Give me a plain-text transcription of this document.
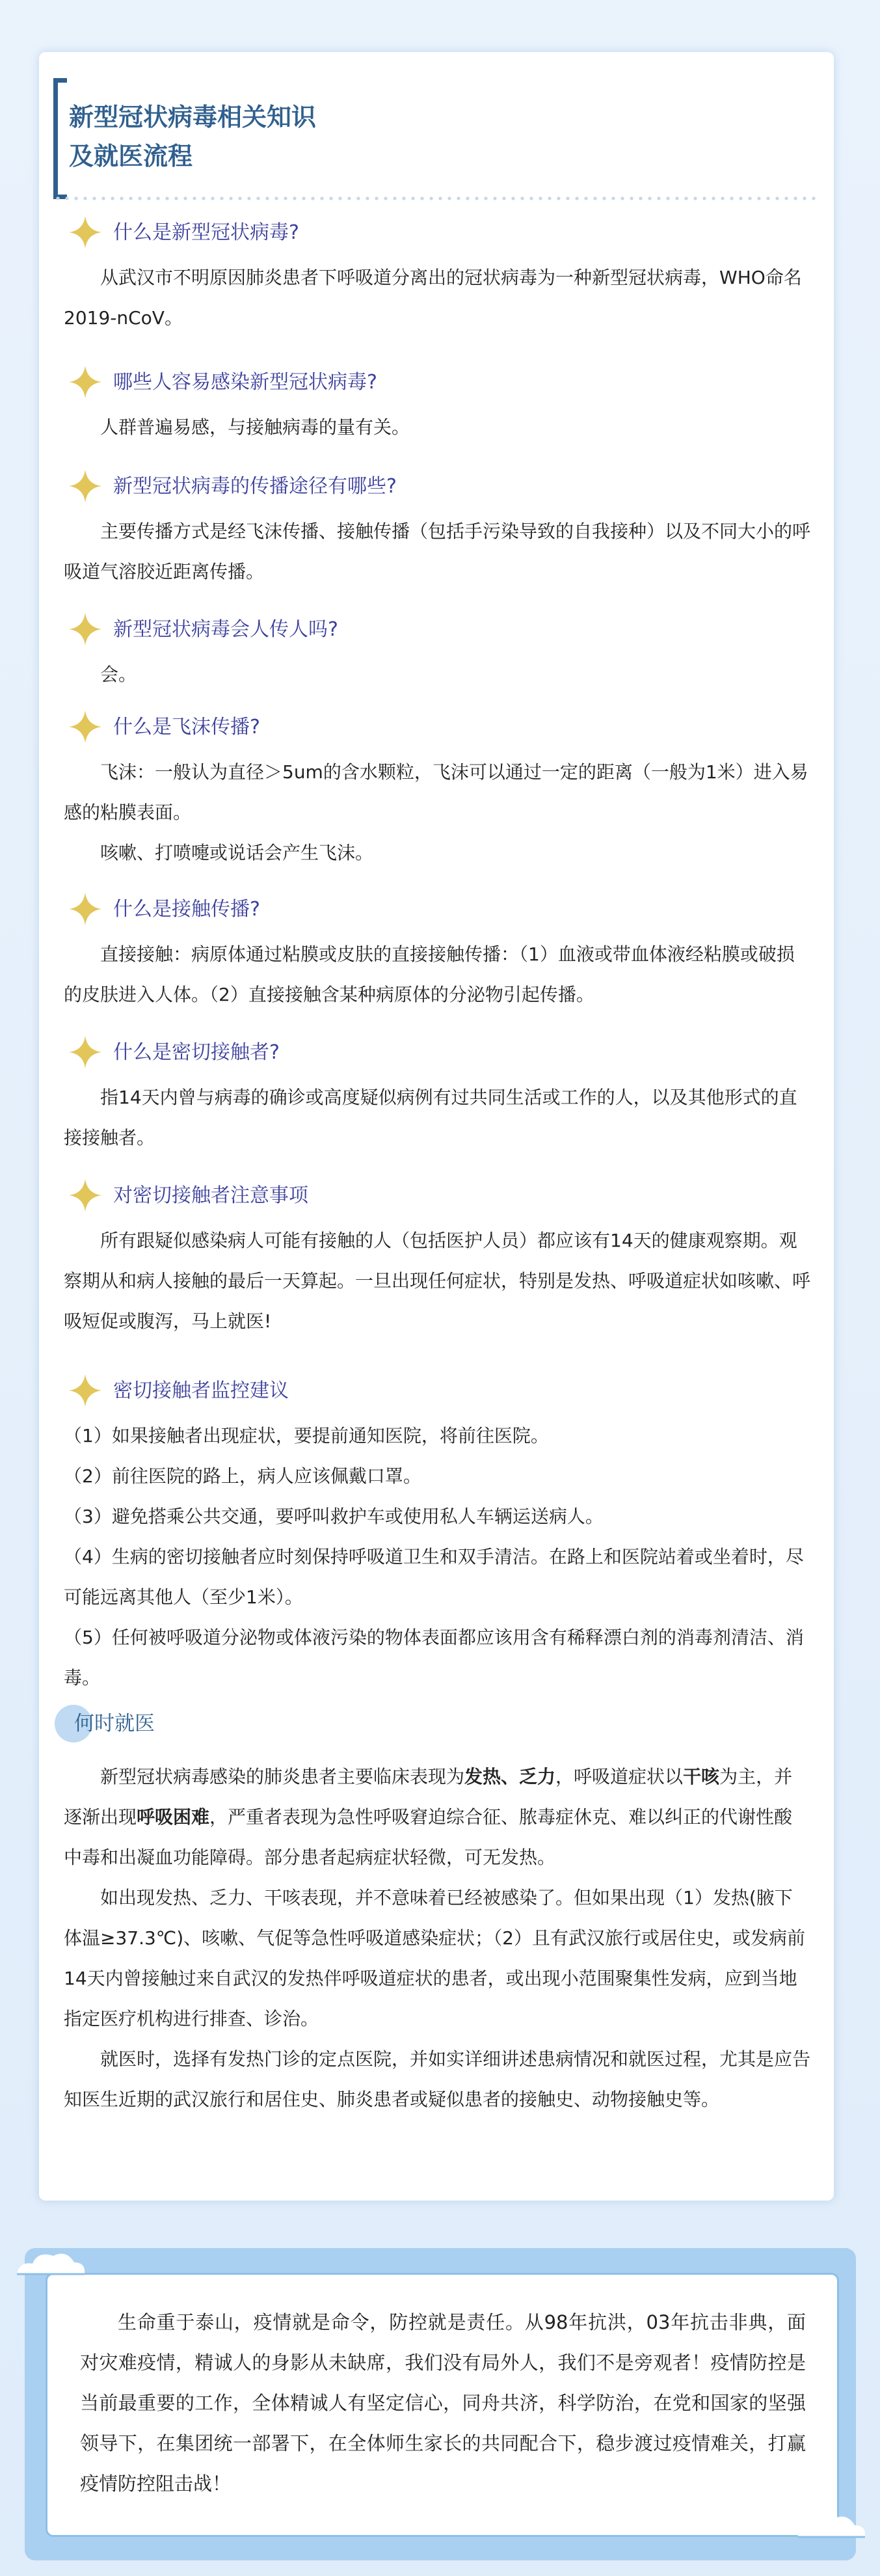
新型冠状病毒相关知识
及就医流程
什么是新型冠状病毒?

从武汉市不明原因肺炎患者下呼吸道分离出的冠状病毒为一种新型冠状病毒，WHO命名2019-nCoV。

哪些人容易感染新型冠状病毒?

人群普遍易感，与接触病毒的量有关。

新型冠状病毒的传播途径有哪些?

主要传播方式是经飞沫传播、接触传播（包括手污染导致的自我接种）以及不同大小的呼吸道气溶胶近距离传播。

新型冠状病毒会人传人吗?

会。

什么是飞沫传播?

飞沫：一般认为直径＞5um的含水颗粒，飞沫可以通过一定的距离（一般为1米）进入易感的粘膜表面。

咳嗽、打喷嚏或说话会产生飞沫。

什么是接触传播?

直接接触：病原体通过粘膜或皮肤的直接接触传播：（1）血液或带血体液经粘膜或破损的皮肤进入人体。（2）直接接触含某种病原体的分泌物引起传播。

什么是密切接触者?

指14天内曾与病毒的确诊或高度疑似病例有过共同生活或工作的人，以及其他形式的直接接触者。

对密切接触者注意事项

所有跟疑似感染病人可能有接触的人（包括医护人员）都应该有14天的健康观察期。观察期从和病人接触的最后一天算起。一旦出现任何症状，特别是发热、呼吸道症状如咳嗽、呼吸短促或腹泻，马上就医!

密切接触者监控建议

（1）如果接触者出现症状，要提前通知医院，将前往医院。

（2）前往医院的路上，病人应该佩戴口罩。

（3）避免搭乘公共交通，要呼叫救护车或使用私人车辆运送病人。

（4）生病的密切接触者应时刻保持呼吸道卫生和双手清洁。在路上和医院站着或坐着时，尽可能远离其他人（至少1米）。

（5）任何被呼吸道分泌物或体液污染的物体表面都应该用含有稀释漂白剂的消毒剂清洁、消毒。

何时就医

新型冠状病毒感染的肺炎患者主要临床表现为发热、乏力，呼吸道症状以干咳为主，并逐渐出现呼吸困难，严重者表现为急性呼吸窘迫综合征、脓毒症休克、难以纠正的代谢性酸中毒和出凝血功能障碍。部分患者起病症状轻微，可无发热。

如出现发热、乏力、干咳表现，并不意味着已经被感染了。但如果出现（1）发热(腋下体温≥37.3℃)、咳嗽、气促等急性呼吸道感染症状；（2）且有武汉旅行或居住史，或发病前14天内曾接触过来自武汉的发热伴呼吸道症状的患者，或出现小范围聚集性发病，应到当地指定医疗机构进行排查、诊治。

就医时，选择有发热门诊的定点医院，并如实详细讲述患病情况和就医过程，尤其是应告知医生近期的武汉旅行和居住史、肺炎患者或疑似患者的接触史、动物接触史等。

生命重于泰山，疫情就是命令，防控就是责任。从98年抗洪，03年抗击非典，面对灾难疫情，精诚人的身影从未缺席，我们没有局外人，我们不是旁观者！疫情防控是当前最重要的工作，全体精诚人有坚定信心，同舟共济，科学防治，在党和国家的坚强领导下，在集团统一部署下，在全体师生家长的共同配合下，稳步渡过疫情难关，打赢疫情防控阻击战！
